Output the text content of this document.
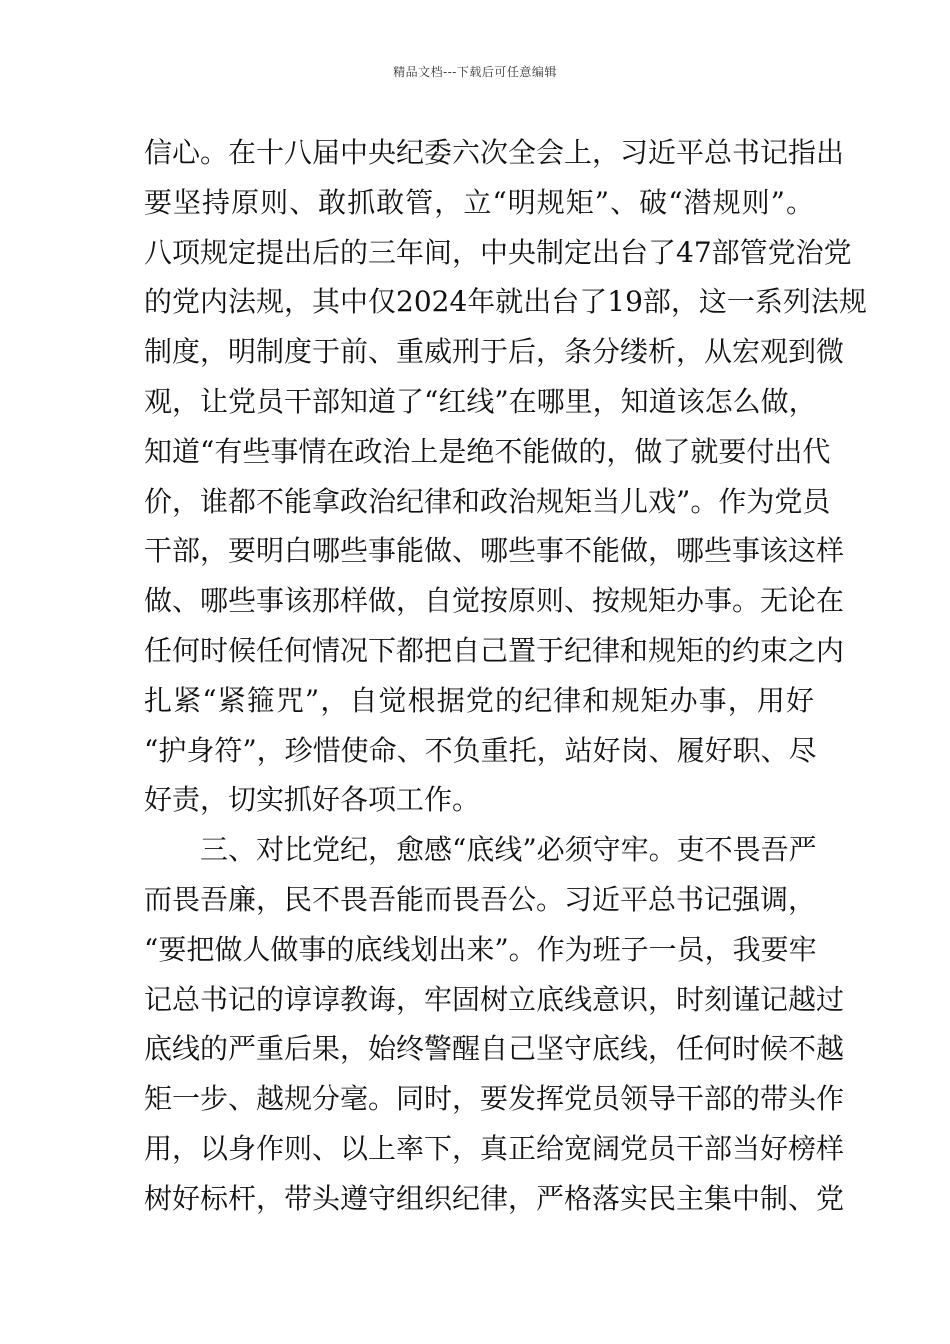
精品文档---下载后可任意编辑
信心。在十八届中央纪委六次全会上，习近平总书记指出
要坚持原则、敢抓敢管，立“明规矩”、破“潜规则”。
八项规定提出后的三年间，中央制定出台了47部管党治党
的党内法规，其中仅2024年就出台了19部，这一系列法规
制度，明制度于前、重威刑于后，条分缕析，从宏观到微
观，让党员干部知道了“红线”在哪里，知道该怎么做，
知道“有些事情在政治上是绝不能做的，做了就要付出代
价，谁都不能拿政治纪律和政治规矩当儿戏”。作为党员
干部，要明白哪些事能做、哪些事不能做，哪些事该这样
做、哪些事该那样做，自觉按原则、按规矩办事。无论在
任何时候任何情况下都把自己置于纪律和规矩的约束之内
扎紧“紧箍咒”，自觉根据党的纪律和规矩办事，用好
“护身符”，珍惜使命、不负重托，站好岗、履好职、尽
好责，切实抓好各项工作。
三、对比党纪，愈感“底线”必须守牢。吏不畏吾严
而畏吾廉，民不畏吾能而畏吾公。习近平总书记强调，
“要把做人做事的底线划出来”。作为班子一员，我要牢
记总书记的谆谆教诲，牢固树立底线意识，时刻谨记越过
底线的严重后果，始终警醒自己坚守底线，任何时候不越
矩一步、越规分毫。同时，要发挥党员领导干部的带头作
用，以身作则、以上率下，真正给宽阔党员干部当好榜样
树好标杆，带头遵守组织纪律，严格落实民主集中制、党
